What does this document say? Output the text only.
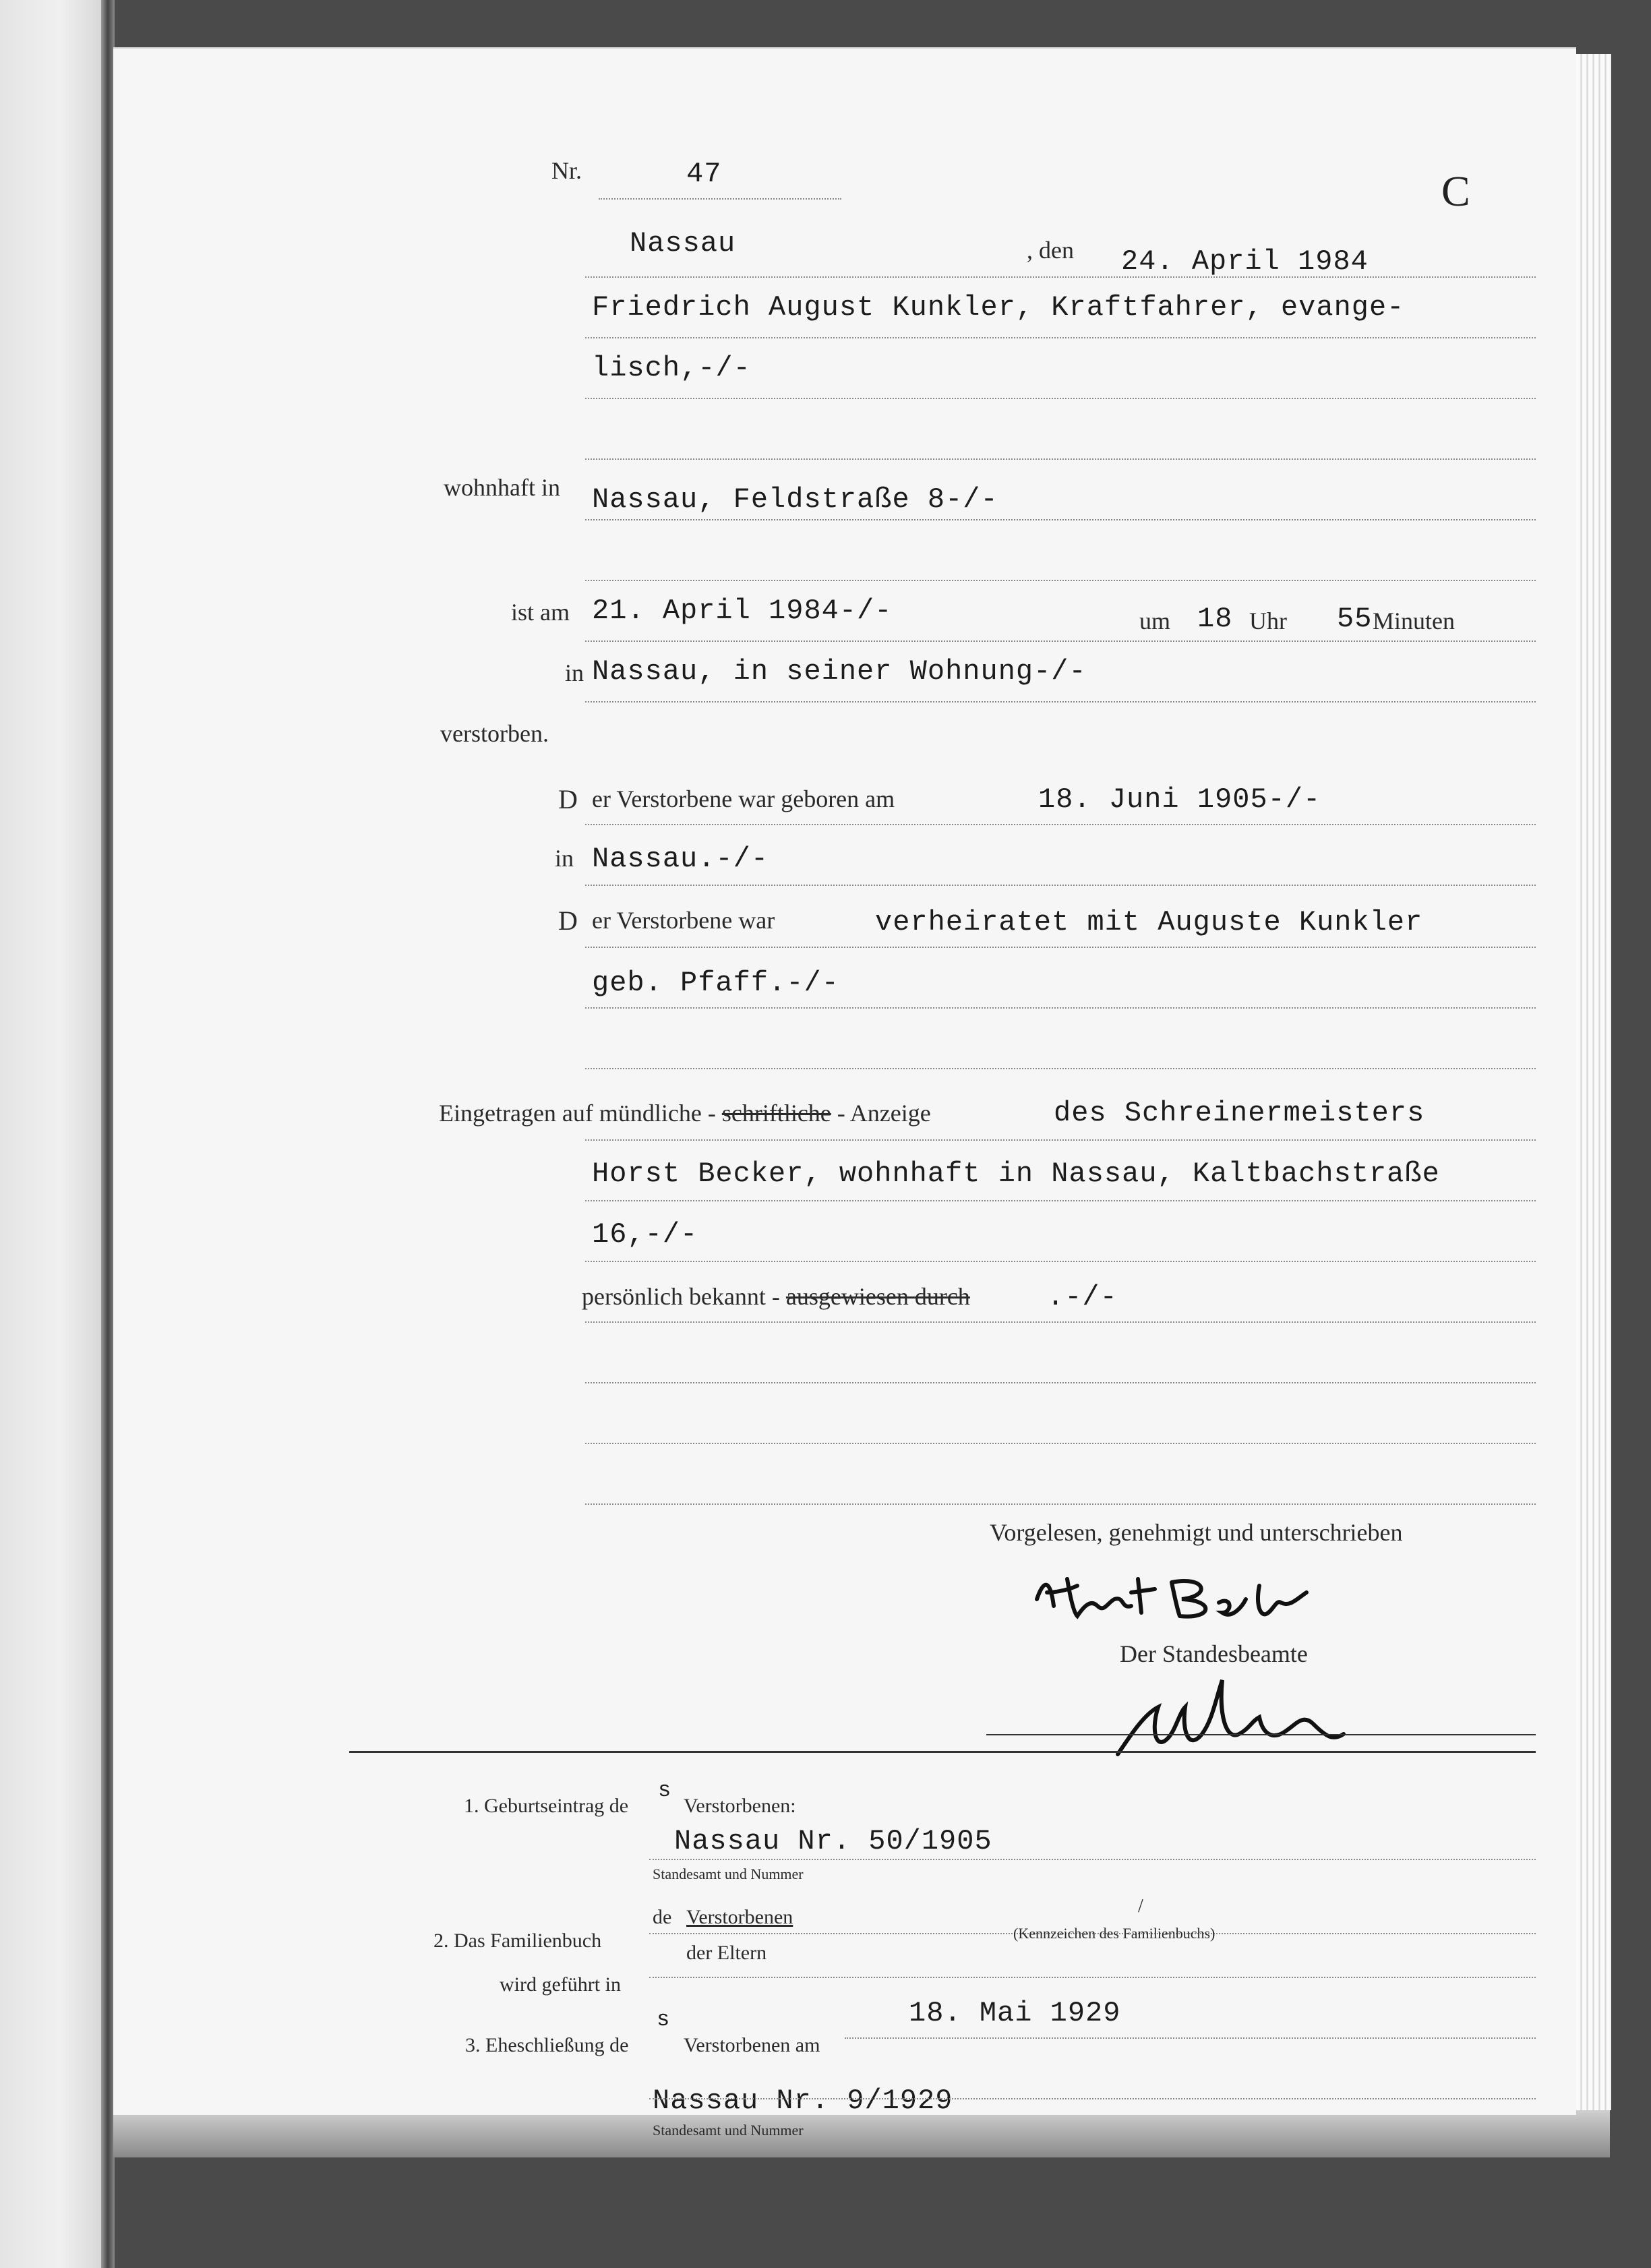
Nr.	47	C
Nassau	, den 24. April 1984
Friedrich August Kunkler, Kraftfahrer, evange-
lisch,-/-
wohnhaft in Nassau, Feldstraße 8-/-
ist am 21. April 1984-/-	um 18 Uhr 55 Minuten
in Nassau, in seiner Wohnung-/-
verstorben.
D er Verstorbene war geboren am	18. Juni 1905-/-
in Nassau.-/-
D er Verstorbene war	verheiratet mit Auguste Kunkler
geb. Pfaff.-/-
Eingetragen auf mündliche - schriftliche - Anzeige	des Schreinermeisters
Horst Becker, wohnhaft in Nassau, Kaltbachstraße
16,-/-
persönlich bekannt - ausgewiesen durch	.-/-
Vorgelesen, genehmigt und unterschrieben
Der Standesbeamte
1. Geburtseintrag de
s
Verstorbenen:
Nassau Nr. 50/1905
Standesamt und Nummer
de Verstorbenen	/
2. Das Familienbuch	(Kennzeichen des Familienbuchs)
der Eltern
wird geführt in
18. Mai 1929
3. Eheschließung de
s
Verstorbenen am
Nassau Nr. 9/1929
Standesamt und Nummer
